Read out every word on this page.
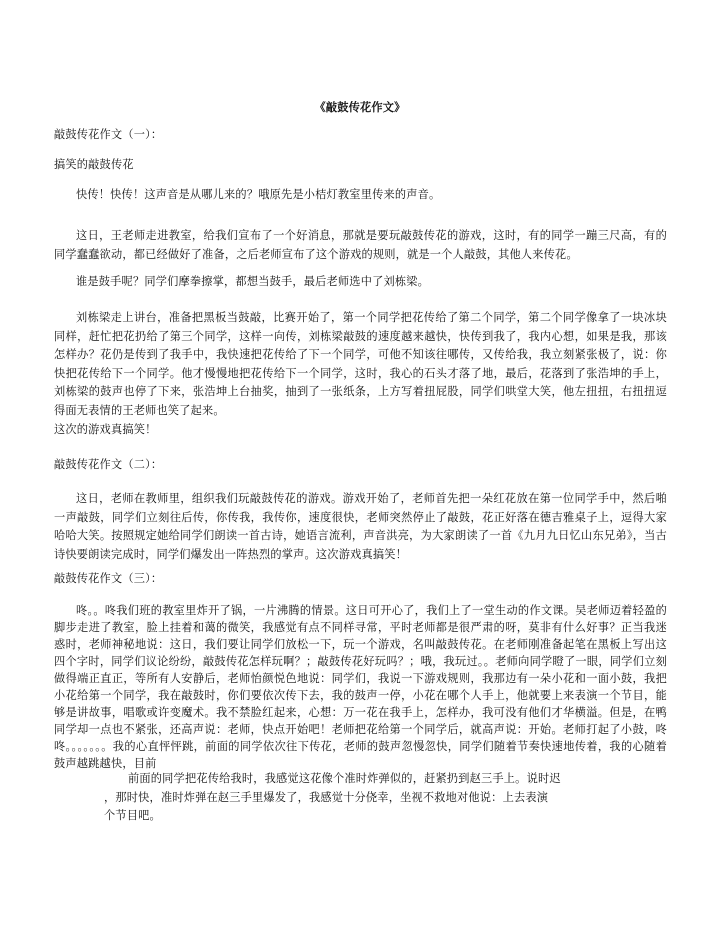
《敲鼓传花作文》

敲鼓传花作文（一）：

搞笑的敲鼓传花

快传！快传！这声音是从哪儿来的？哦原先是小桔灯教室里传来的声音。

这日，王老师走进教室，给我们宣布了一个好消息，那就是要玩敲鼓传花的游戏，这时，有的同学一蹦三尺高，有的同学蠢蠢欲动，都已经做好了准备，之后老师宣布了这个游戏的规则，就是一个人敲鼓，其他人来传花。

谁是鼓手呢？同学们摩拳擦掌，都想当鼓手，最后老师选中了刘栋梁。

刘栋梁走上讲台，准备把黑板当鼓敲，比赛开始了，第一个同学把花传给了第二个同学，第二个同学像拿了一块冰块同样，赶忙把花扔给了第三个同学，这样一向传，刘栋梁敲鼓的速度越来越快，快传到我了，我内心想，如果是我，那该怎样办？花仍是传到了我手中，我快速把花传给了下一个同学，可他不知该往哪传，又传给我，我立刻紧张极了，说：你快把花传给下一个同学。他才慢慢地把花传给下一个同学，这时，我心的石头才落了地，最后，花落到了张浩坤的手上，刘栋梁的鼓声也停了下来，张浩坤上台抽奖，抽到了一张纸条，上方写着扭屁股，同学们哄堂大笑，他左扭扭，右扭扭逗得面无表情的王老师也笑了起来。

这次的游戏真搞笑！

敲鼓传花作文（二）：

这日，老师在教师里，组织我们玩敲鼓传花的游戏。游戏开始了，老师首先把一朵红花放在第一位同学手中，然后啪一声敲鼓，同学们立刻往后传，你传我，我传你，速度很快，老师突然停止了敲鼓，花正好落在德吉雅桌子上，逗得大家哈哈大笑。按照规定她给同学们朗读一首古诗，她语言流利，声音洪亮，为大家朗读了一首《九月九日忆山东兄弟》，当古诗快要朗读完成时，同学们爆发出一阵热烈的掌声。这次游戏真搞笑！

敲鼓传花作文（三）：

咚。。咚我们班的教室里炸开了锅，一片沸腾的情景。这日可开心了，我们上了一堂生动的作文课。吴老师迈着轻盈的脚步走进了教室，脸上挂着和蔼的微笑，我感觉有点不同样寻常，平时老师都是很严肃的呀，莫非有什么好事？正当我迷惑时，老师神秘地说：这日，我们要让同学们放松一下，玩一个游戏，名叫敲鼓传花。在老师刚准备起笔在黑板上写出这四个字时，同学们议论纷纷，敲鼓传花怎样玩啊？；敲鼓传花好玩吗？；哦，我玩过。。老师向同学瞪了一眼，同学们立刻做得端正直正，等所有人安静后，老师怡颜悦色地说：同学们，我说一下游戏规则，我那边有一朵小花和一面小鼓，我把小花给第一个同学，我在敲鼓时，你们要依次传下去，我的鼓声一停，小花在哪个人手上，他就要上来表演一个节目，能够是讲故事，唱歌或许变魔术。我不禁脸红起来，心想：万一花在我手上，怎样办，我可没有他们才华横溢。但是，在鸭同学却一点也不紧张，还高声说：老师，快点开始吧！老师把花给第一个同学后，就高声说：开始。老师打起了小鼓，咚咚。。。。。。。我的心直怦怦跳，前面的同学依次往下传花，老师的鼓声忽慢忽快，同学们随着节奏快速地传着，我的心随着鼓声越跳越快，目前

前面的同学把花传给我时，我感觉这花像个准时炸弹似的，赶紧扔到赵三手上。说时迟
，那时快，准时炸弹在赵三手里爆发了，我感觉十分侥幸，坐视不救地对他说：上去表演
个节目吧。
